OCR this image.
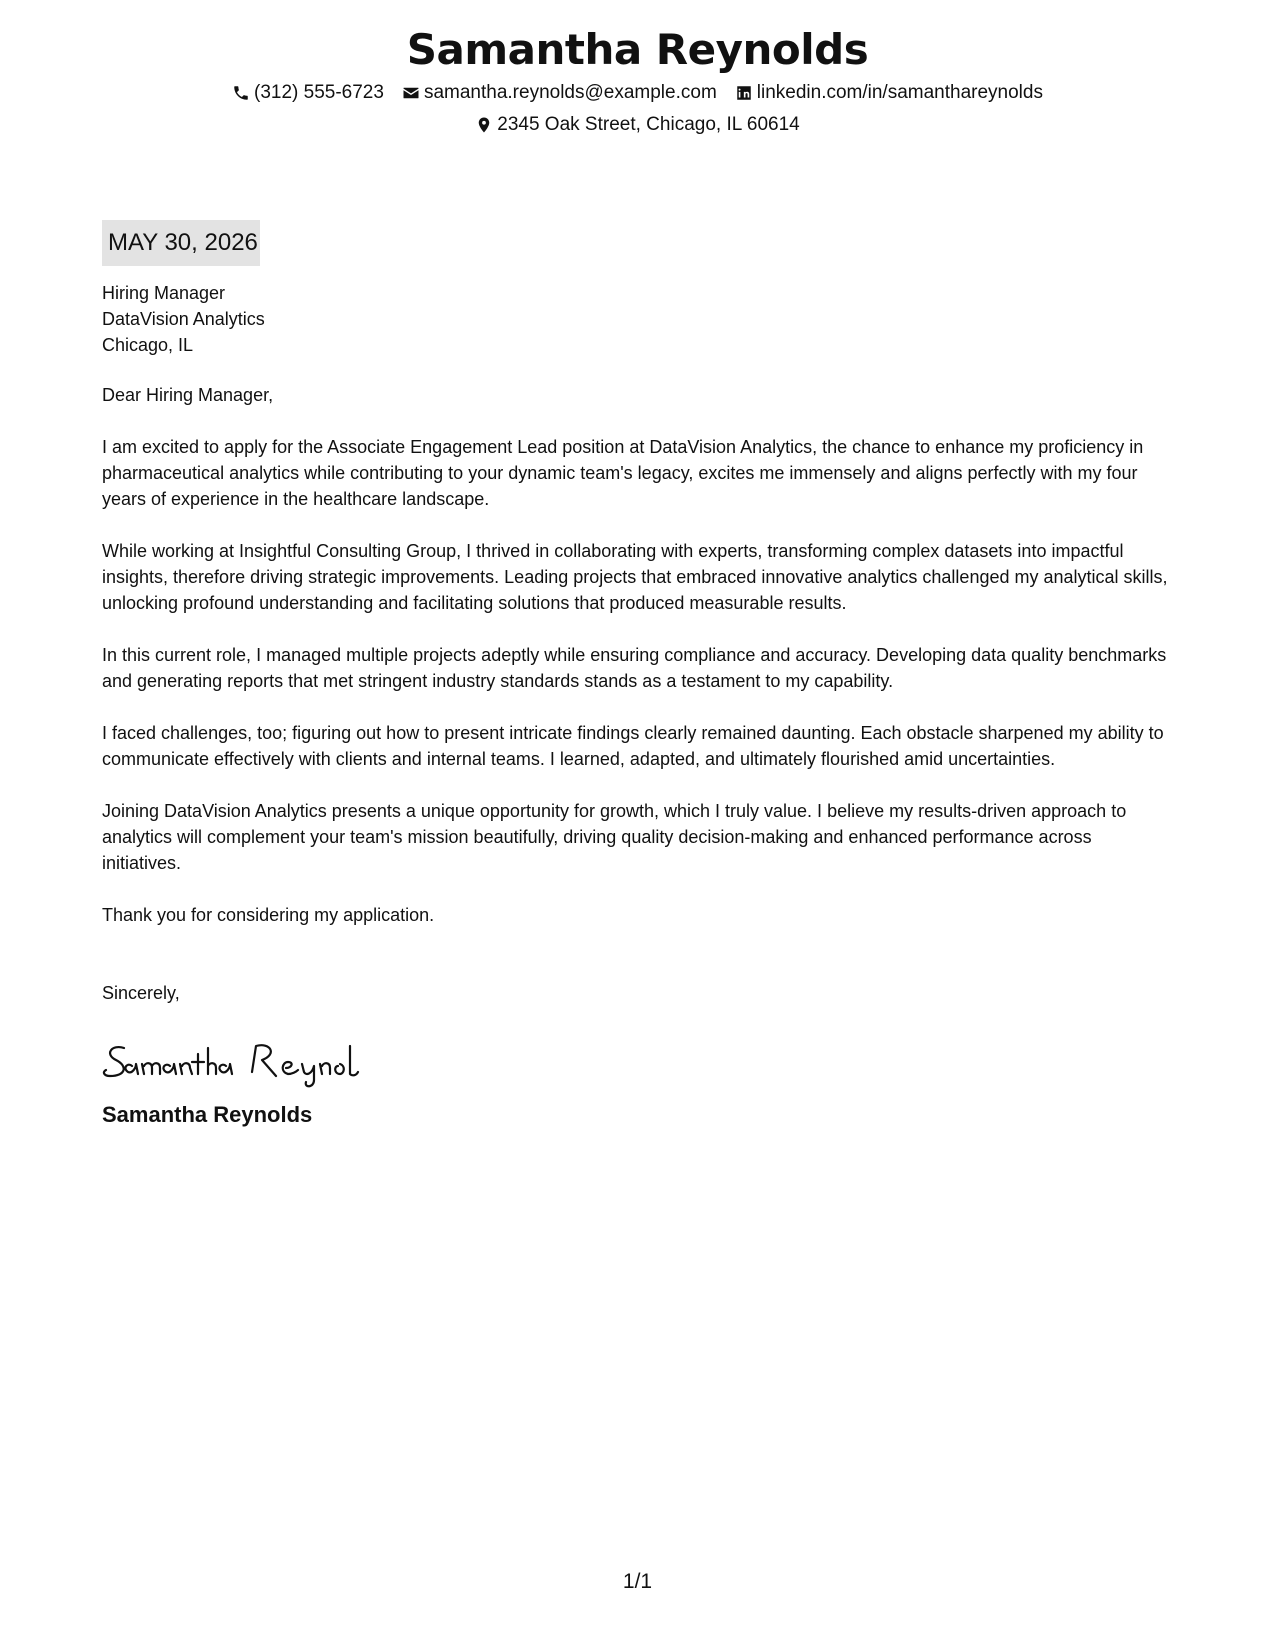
Samantha Reynolds
(312) 555-6723 samantha.reynolds@example.com linkedin.com/in/samanthareynolds
2345 Oak Street, Chicago, IL 60614
MAY 30, 2026
Hiring Manager
DataVision Analytics
Chicago, IL

Dear Hiring Manager,

I am excited to apply for the Associate Engagement Lead position at DataVision Analytics, the chance to enhance my proficiency in pharmaceutical analytics while contributing to your dynamic team's legacy, excites me immensely and aligns perfectly with my four years of experience in the healthcare landscape.

While working at Insightful Consulting Group, I thrived in collaborating with experts, transforming complex datasets into impactful insights, therefore driving strategic improvements. Leading projects that embraced innovative analytics challenged my analytical skills, unlocking profound understanding and facilitating solutions that produced measurable results.

In this current role, I managed multiple projects adeptly while ensuring compliance and accuracy. Developing data quality benchmarks and generating reports that met stringent industry standards stands as a testament to my capability.

I faced challenges, too; figuring out how to present intricate findings clearly remained daunting. Each obstacle sharpened my ability to communicate effectively with clients and internal teams. I learned, adapted, and ultimately flourished amid uncertainties.

Joining DataVision Analytics presents a unique opportunity for growth, which I truly value. I believe my results-driven approach to analytics will complement your team's mission beautifully, driving quality decision-making and enhanced performance across initiatives.

Thank you for considering my application.

Sincerely,
Samantha Reynolds
1/1
